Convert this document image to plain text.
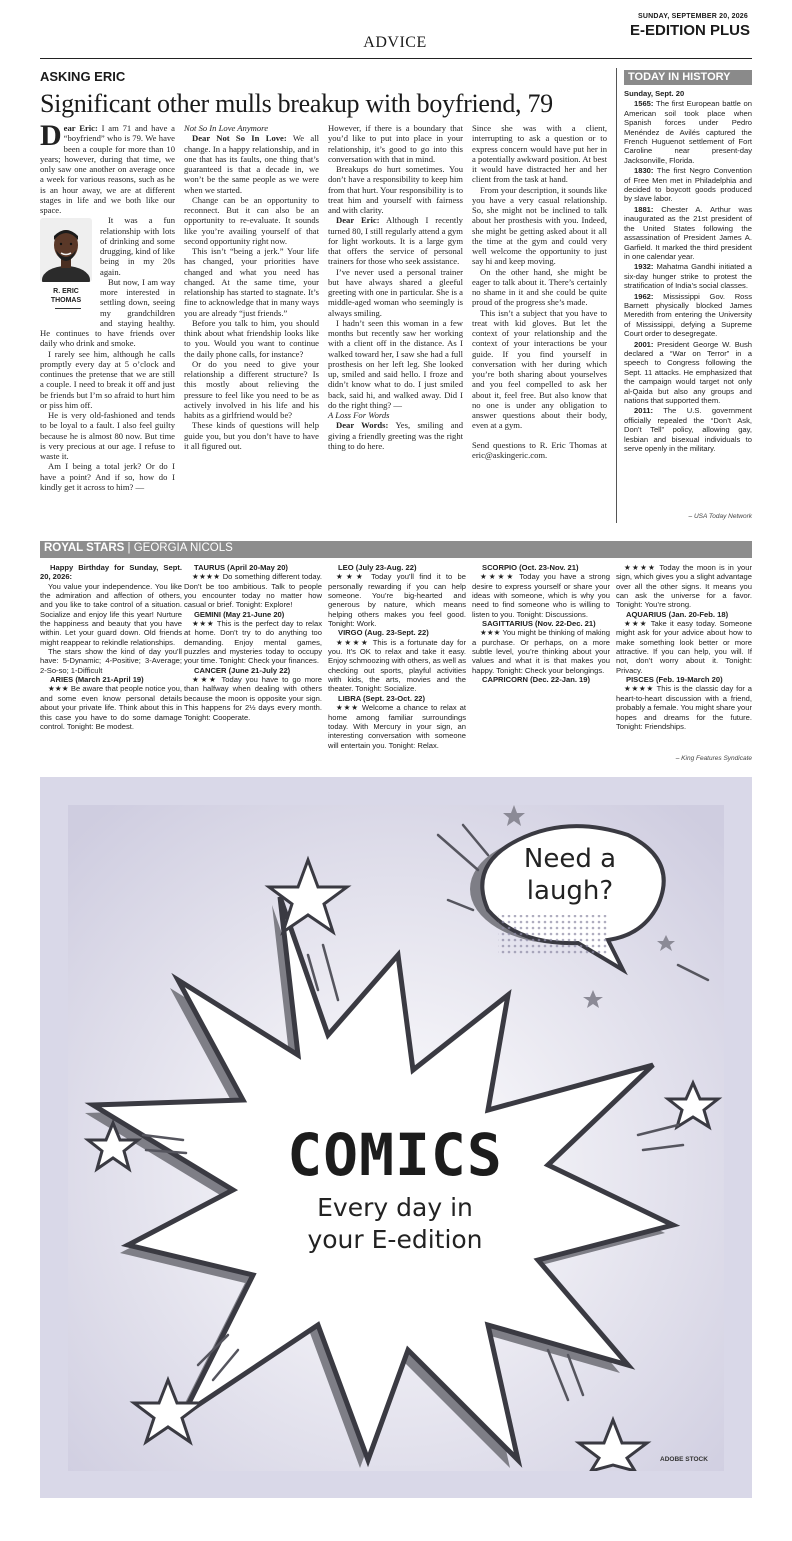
SUNDAY, SEPTEMBER 20, 2026
E-EDITION PLUS
ADVICE
ASKING ERIC
Significant other mulls breakup with boyfriend, 79

Dear Eric: I am 71 and have a “boyfriend” who is 79. We have been a couple for more than 10 years; however, during that time, we only saw one another on average once a week for various reasons, such as he is an hour away, we are at different stages in life and we both like our space.

R. ERIC
THOMAS

It was a fun relationship with lots of drinking and some drugging, kind of like being in my 20s again.

But now, I am way more interested in settling down, seeing my grandchildren and staying healthy. He continues to have friends over daily who drink and smoke.

I rarely see him, although he calls promptly every day at 5 o’clock and continues the pretense that we are still a couple. I need to break it off and just be friends but I’m so afraid to hurt him or piss him off.

He is very old-fashioned and tends to be loyal to a fault. I also feel guilty because he is almost 80 now. But time is very precious at our age. I refuse to waste it.

Am I being a total jerk? Or do I have a point? And if so, how do I kindly get it across to him? —

Not So In Love Anymore

Dear Not So In Love: We all change. In a happy relationship, and in one that has its faults, one thing that’s guaranteed is that a decade in, we won’t be the same people as we were when we started.

Change can be an opportunity to reconnect. But it can also be an opportunity to re-evaluate. It sounds like you’re availing yourself of that second opportunity right now.

This isn’t “being a jerk.” Your life has changed, your priorities have changed and what you need has changed. At the same time, your relationship has started to stagnate. It’s fine to acknowledge that in many ways you are already “just friends.”

Before you talk to him, you should think about what friendship looks like to you. Would you want to continue the daily phone calls, for instance?

Or do you need to give your relationship a different structure? Is this mostly about relieving the pressure to feel like you need to be as actively involved in his life and his habits as a girlfriend would be?

These kinds of questions will help guide you, but you don’t have to have it all figured out.

However, if there is a boundary that you’d like to put into place in your relationship, it’s good to go into this conversation with that in mind.

Breakups do hurt sometimes. You don’t have a responsibility to keep him from that hurt. Your responsibility is to treat him and yourself with fairness and with clarity.

Dear Eric: Although I recently turned 80, I still regularly attend a gym for light workouts. It is a large gym that offers the service of personal trainers for those who seek assistance.

I’ve never used a personal trainer but have always shared a gleeful greeting with one in particular. She is a middle-aged woman who seemingly is always smiling.

I hadn’t seen this woman in a few months but recently saw her working with a client off in the distance. As I walked toward her, I saw she had a full prosthesis on her left leg. She looked up, smiled and said hello. I froze and didn’t know what to do. I just smiled back, said hi, and walked away. Did I do the right thing? —

A Loss For Words

Dear Words: Yes, smiling and giving a friendly greeting was the right thing to do here.

Since she was with a client, interrupting to ask a question or to express concern would have put her in a potentially awkward position. At best it would have distracted her and her client from the task at hand.

From your description, it sounds like you have a very casual relationship. So, she might not be inclined to talk about her prosthesis with you. Indeed, she might be getting asked about it all the time at the gym and could very well welcome the opportunity to just say hi and keep moving.

On the other hand, she might be eager to talk about it. There’s certainly no shame in it and she could be quite proud of the progress she’s made.

This isn’t a subject that you have to treat with kid gloves. But let the context of your relationship and the context of your interactions be your guide. If you find yourself in conversation with her during which you’re both sharing about yourselves and you feel compelled to ask her about it, feel free. But also know that no one is under any obligation to answer questions about their body, even at a gym.

Send questions to R. Eric Thomas at eric@askingeric.com.

TODAY IN HISTORY

Sunday, Sept. 20

1565: The first European battle on American soil took place when Spanish forces under Pedro Menéndez de Avilés captured the French Huguenot settlement of Fort Caroline near present-day Jacksonville, Florida.

1830: The first Negro Convention of Free Men met in Philadelphia and decided to boycott goods produced by slave labor.

1881: Chester A. Arthur was inaugurated as the 21st president of the United States following the assassination of President James A. Garfield. It marked the third president in one calendar year.

1932: Mahatma Gandhi initiated a six-day hunger strike to protest the stratification of India’s social classes.

1962: Mississippi Gov. Ross Barnett physically blocked James Meredith from entering the University of Mississippi, defying a Supreme Court order to desegregate.

2001: President George W. Bush declared a “War on Terror” in a speech to Congress following the Sept. 11 attacks. He emphasized that the campaign would target not only al-Qaida but also any groups and nations that supported them.

2011: The U.S. government officially repealed the “Don’t Ask, Don’t Tell” policy, allowing gay, lesbian and bisexual individuals to serve openly in the military.

– USA Today Network
ROYAL STARS | GEORGIA NICOLS

Happy Birthday for Sunday, Sept. 20, 2026:

You value your independence. You like the admiration and affection of others, and you like to take control of a situation. Socialize and enjoy life this year! Nurture the happiness and beauty that you have within. Let your guard down. Old friends might reappear to rekindle relationships.

The stars show the kind of day you’ll have: 5-Dynamic; 4-Positive; 3-Average; 2-So-so; 1-Difficult

ARIES (March 21-April 19)

★★★ Be aware that people notice you, and some even know personal details about your private life. Think about this in this case you have to do some damage control. Tonight: Be modest.

TAURUS (April 20-May 20)

★★★★ Do something different today. Don’t be too ambitious. Talk to people you encounter today no matter how casual or brief. Tonight: Explore!

GEMINI (May 21-June 20)

★★★ This is the perfect day to relax at home. Don’t try to do anything too demanding. Enjoy mental games, puzzles and mysteries today to occupy your time. Tonight: Check your finances.

CANCER (June 21-July 22)

★★★ Today you have to go more than halfway when dealing with others because the moon is opposite your sign. This happens for 2½ days every month. Tonight: Cooperate.

LEO (July 23-Aug. 22)

★★★ Today you’ll find it to be personally rewarding if you can help someone. You’re big-hearted and generous by nature, which means helping others makes you feel good. Tonight: Work.

VIRGO (Aug. 23-Sept. 22)

★★★★ This is a fortunate day for you. It’s OK to relax and take it easy. Enjoy schmoozing with others, as well as checking out sports, playful activities with kids, the arts, movies and the theater. Tonight: Socialize.

LIBRA (Sept. 23-Oct. 22)

★★★ Welcome a chance to relax at home among familiar surroundings today. With Mercury in your sign, an interesting conversation with someone will entertain you. Tonight: Relax.

SCORPIO (Oct. 23-Nov. 21)

★★★★ Today you have a strong desire to express yourself or share your ideas with someone, which is why you need to find someone who is willing to listen to you. Tonight: Discussions.

SAGITTARIUS (Nov. 22-Dec. 21)

★★★ You might be thinking of making a purchase. Or perhaps, on a more subtle level, you’re thinking about your values and what it is that makes you happy. Tonight: Check your belongings.

CAPRICORN (Dec. 22-Jan. 19)

★★★★ Today the moon is in your sign, which gives you a slight advantage over all the other signs. It means you can ask the universe for a favor. Tonight: You’re strong.

AQUARIUS (Jan. 20-Feb. 18)

★★★ Take it easy today. Someone might ask for your advice about how to make something look better or more attractive. If you can help, you will. If not, don’t worry about it. Tonight: Privacy.

PISCES (Feb. 19-March 20)

★★★★ This is the classic day for a heart-to-heart discussion with a friend, probably a female. You might share your hopes and dreams for the future. Tonight: Friendships.

– King Features Syndicate
Need a
laugh?
COMICS
Every day in
your E-edition
ADOBE STOCK
